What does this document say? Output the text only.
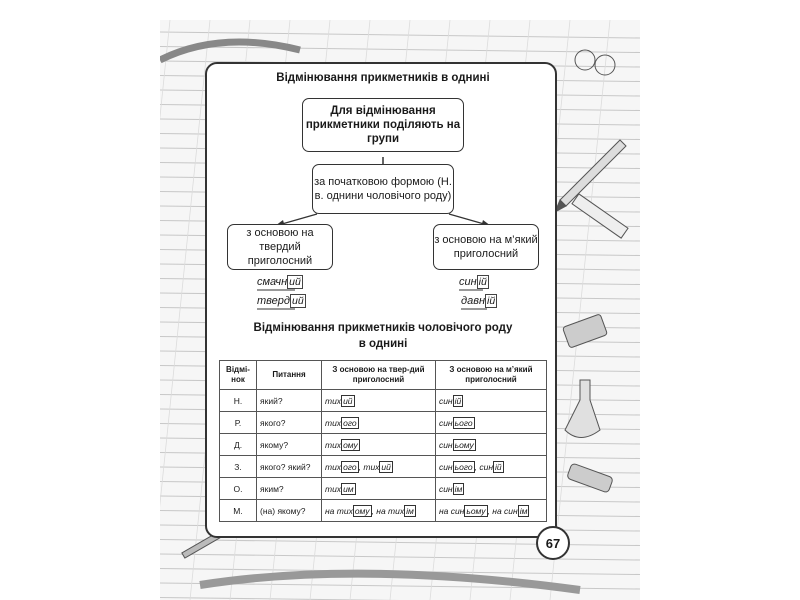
Відмінювання прикметників в однині
Для відмінювання прикметники поділяють на групи
за початковою формою (Н. в. однини чоловічого роду)
з основою на твердий приголосний
з основою на м’який приголосний
смачн ий
тверд ий
син ій
давн ій
Відмінювання прикметників чоловічого роду
в однині
Відмі-нок	Питання	З основою на твер-дий приголосний	З основою на м’який приголосний
Н.	який?	тих ий	син ій
Р.	якого?	тих ого	син ього
Д.	якому?	тих ому	син ьому
З.	якого? який?	тих ого , тих ий	син ього , син ій
О.	яким?	тих им	син ім
М.	(на) якому?	на тих ому , на тих ім	на син ьому , на син ім
67
